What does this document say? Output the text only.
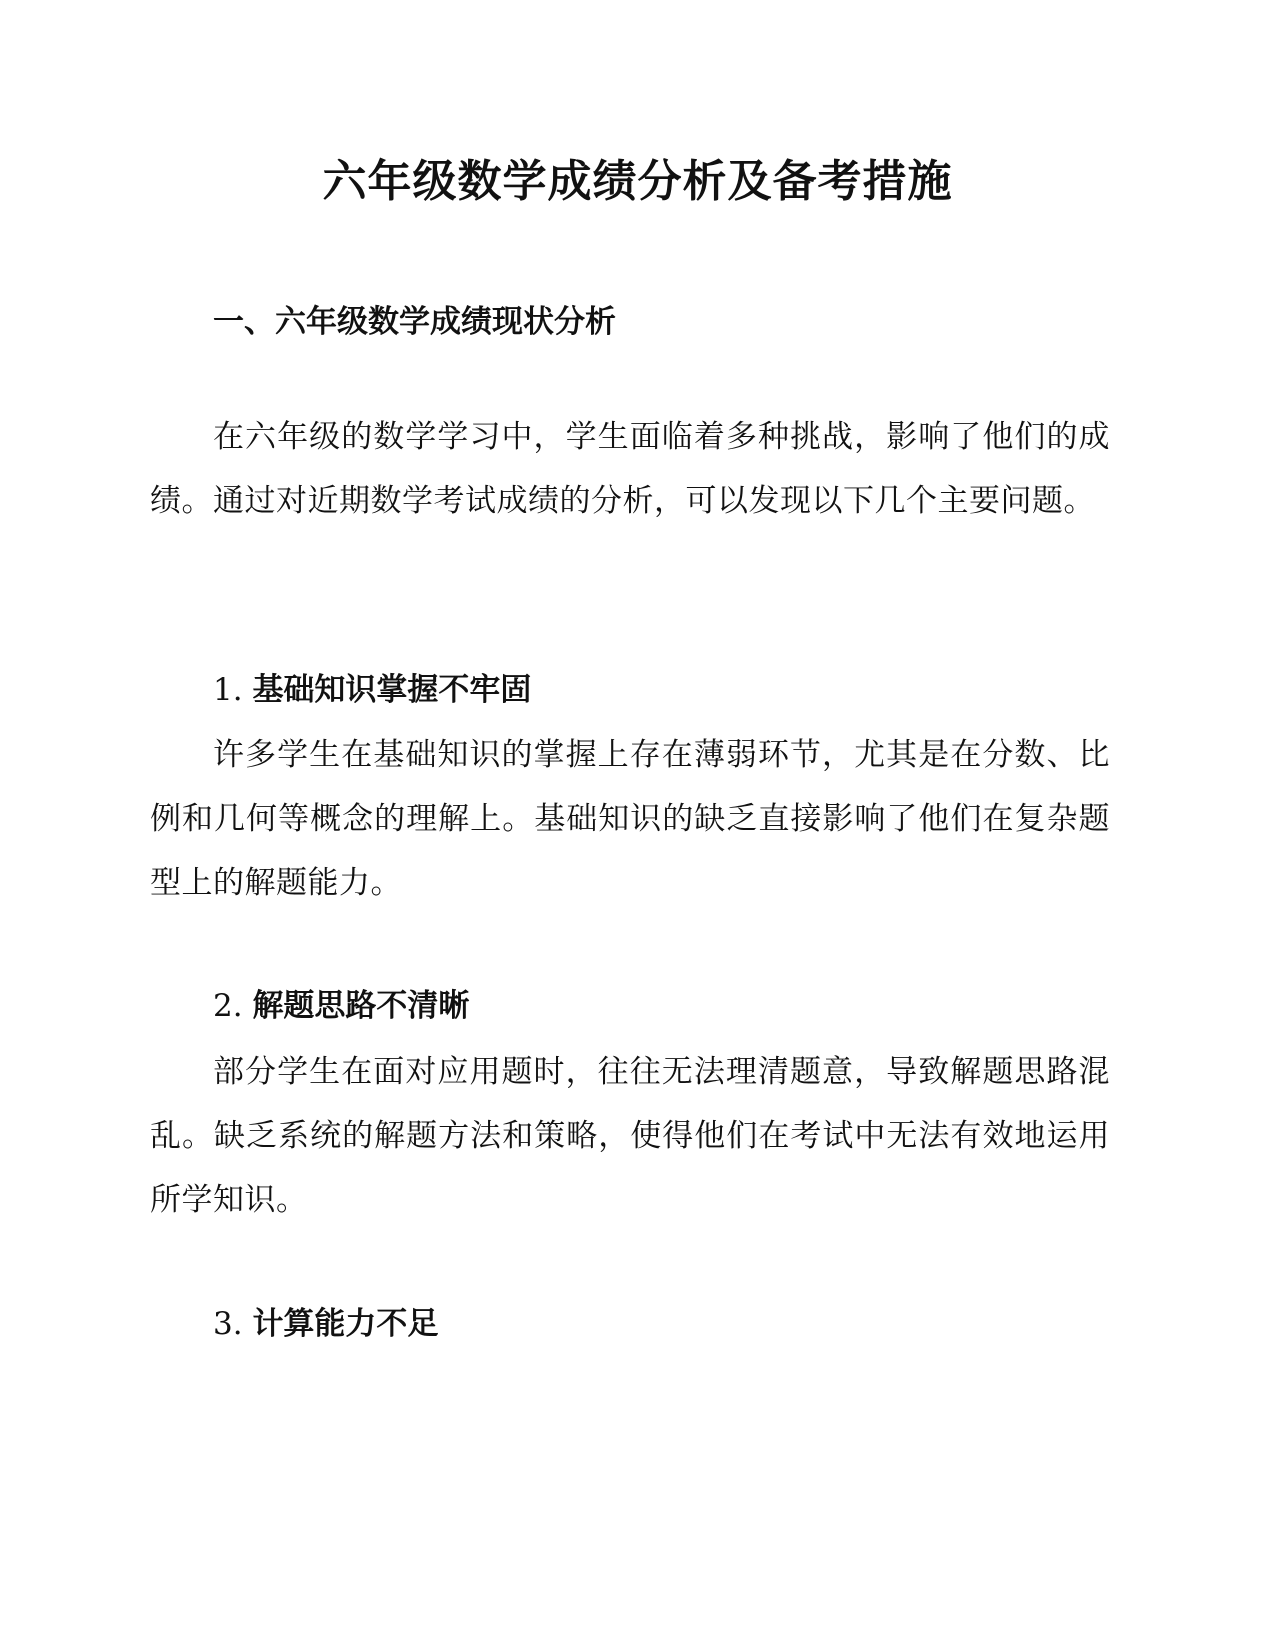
六年级数学成绩分析及备考措施
一、六年级数学成绩现状分析

在六年级的数学学习中，学生面临着多种挑战，影响了他们的成绩。通过对近期数学考试成绩的分析，可以发现以下几个主要问题。

1. 基础知识掌握不牢固

许多学生在基础知识的掌握上存在薄弱环节，尤其是在分数、比例和几何等概念的理解上。基础知识的缺乏直接影响了他们在复杂题型上的解题能力。

2. 解题思路不清晰

部分学生在面对应用题时，往往无法理清题意，导致解题思路混乱。缺乏系统的解题方法和策略，使得他们在考试中无法有效地运用所学知识。

3. 计算能力不足
